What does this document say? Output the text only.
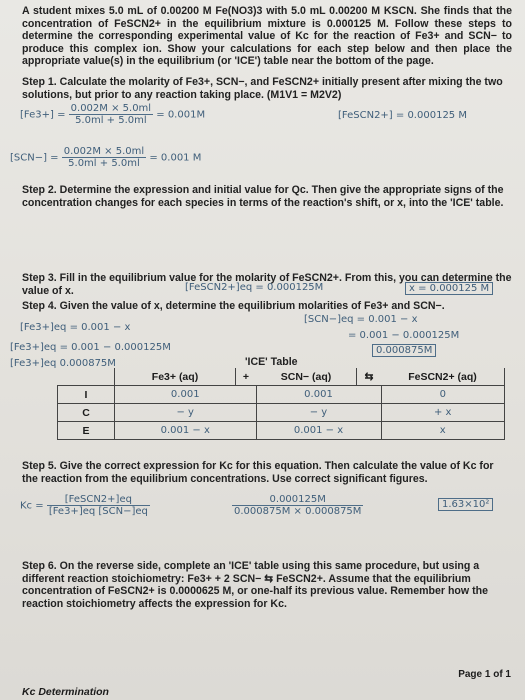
A student mixes 5.0 mL of 0.00200 M Fe(NO3)3 with 5.0 mL 0.00200 M KSCN. She finds that the concentration of FeSCN2+ in the equilibrium mixture is 0.000125 M. Follow these steps to determine the corresponding experimental value of Kc for the reaction of Fe3+ and SCN− to produce this complex ion. Show your calculations for each step below and then place the appropriate value(s) in the equilibrium (or 'ICE') table near the bottom of the page.
Step 1. Calculate the molarity of Fe3+, SCN−, and FeSCN2+ initially present after mixing the two solutions, but prior to any reaction taking place. (M1V1 = M2V2)
$[Fe3+] = \frac{0.002M \times 5.0ml}{5.0ml + 5.0ml} = 0.001M$	[FeSCN2+] = 0.000125 M
$[SCN-] = \frac{0.002M \times 5.0ml}{5.0ml + 5.0ml} = 0.001$ M
Step 2. Determine the expression and initial value for Qc. Then give the appropriate signs of the concentration changes for each species in terms of the reaction's shift, or x, into the 'ICE' table.
Step 3. Fill in the equilibrium value for the molarity of FeSCN2+. From this, you can determine the value of x.	[FeSCN2+]eq = 0.000125M	x = 0.000125 M
Step 4. Given the value of x, determine the equilibrium molarities of Fe3+ and SCN−.
[SCN−]eq = 0.001 − x
= 0.001 − 0.000125M
0.000875M
[Fe3+]eq = 0.001 − x
[Fe3+]eq = 0.001 − 0.000125M
[Fe3+]eq 0.000875M	'ICE' Table
	Fe3+ (aq)	+	SCN− (aq)	⇆	FeSCN2+ (aq)
I	0.001		0.001		0
C	− y		− y		+ x
E	0.001 − x		0.001 − x		x
Step 5. Give the correct expression for Kc for this equation. Then calculate the value of Kc for the reaction from the equilibrium concentrations. Use correct significant figures.
$Kc = \frac{\text{[FeSCN2+]eq}}{\text{[Fe3+]eq [SCN−]eq}}$	$\frac{0.000125M}{0.000875M \times 0.000875M}$	1.63×10²
Step 6. On the reverse side, complete an 'ICE' table using this same procedure, but using a different reaction stoichiometry: Fe3+ + 2 SCN− ⇆ FeSCN2+. Assume that the equilibrium concentration of FeSCN2+ is 0.0000625 M, or one-half its previous value. Remember how the reaction stoichiometry affects the expression for Kc.
Page 1 of 1
Kc Determination
